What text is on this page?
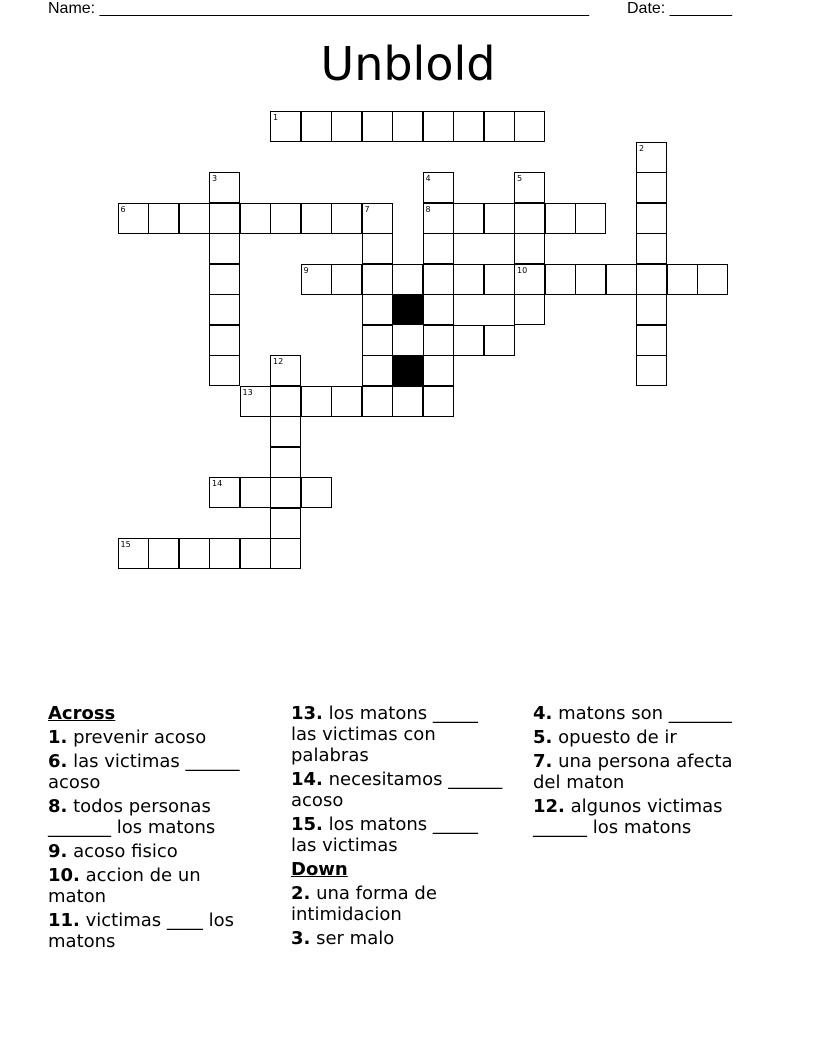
Name: _______________________________________________________ Date: _______
Unblold
1
2
3
6
4
8
5
10
7
9
12
13
14
15
Across
1. prevenir acoso
6. las victimas ______ acoso
8. todos personas _______ los matons
9. acoso fisico
10. accion de un maton
11. victimas ____ los matons
13. los matons _____ las victimas con palabras
14. necesitamos ______ acoso
15. los matons _____ las victimas
Down
2. una forma de intimidacion
3. ser malo
4. matons son _______
5. opuesto de ir
7. una persona afecta del maton
12. algunos victimas ______ los matons
